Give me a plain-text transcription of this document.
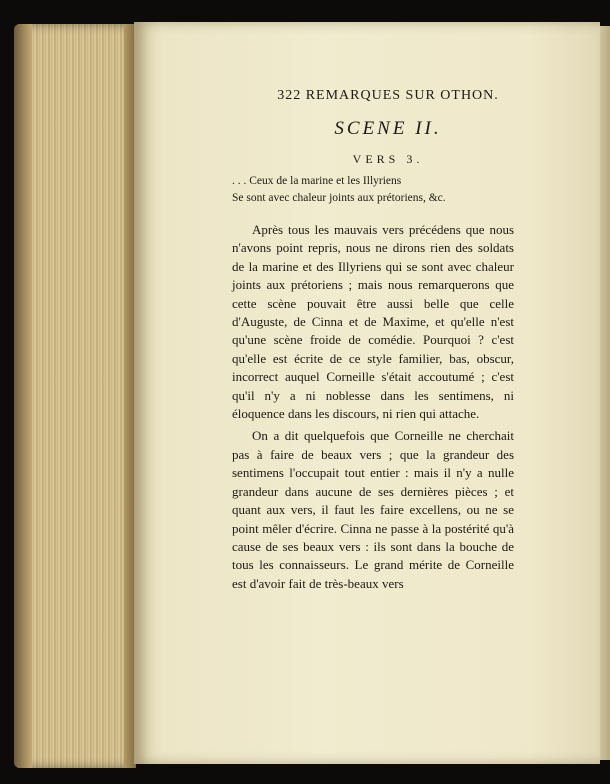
322 REMARQUES SUR OTHON.
SCENE II.
VERS 3.
. . . Ceux de la marine et les Illyriens
Se sont avec chaleur joints aux prétoriens, &c.

Après tous les mauvais vers précédens que nous n'avons point repris, nous ne dirons rien des soldats de la marine et des Illyriens qui se sont avec chaleur joints aux prétoriens ; mais nous remarquerons que cette scène pouvait être aussi belle que celle d'Auguste, de Cinna et de Maxime, et qu'elle n'est qu'une scène froide de comédie. Pourquoi ? c'est qu'elle est écrite de ce style familier, bas, obscur, incorrect auquel Corneille s'était accoutumé ; c'est qu'il n'y a ni noblesse dans les sentimens, ni éloquence dans les discours, ni rien qui attache.

On a dit quelquefois que Corneille ne cherchait pas à faire de beaux vers ; que la grandeur des sentimens l'occupait tout entier : mais il n'y a nulle grandeur dans aucune de ses dernières pièces ; et quant aux vers, il faut les faire excellens, ou ne se point mêler d'écrire. Cinna ne passe à la postérité qu'à cause de ses beaux vers : ils sont dans la bouche de tous les connaisseurs. Le grand mérite de Corneille est d'avoir fait de très-beaux vers
